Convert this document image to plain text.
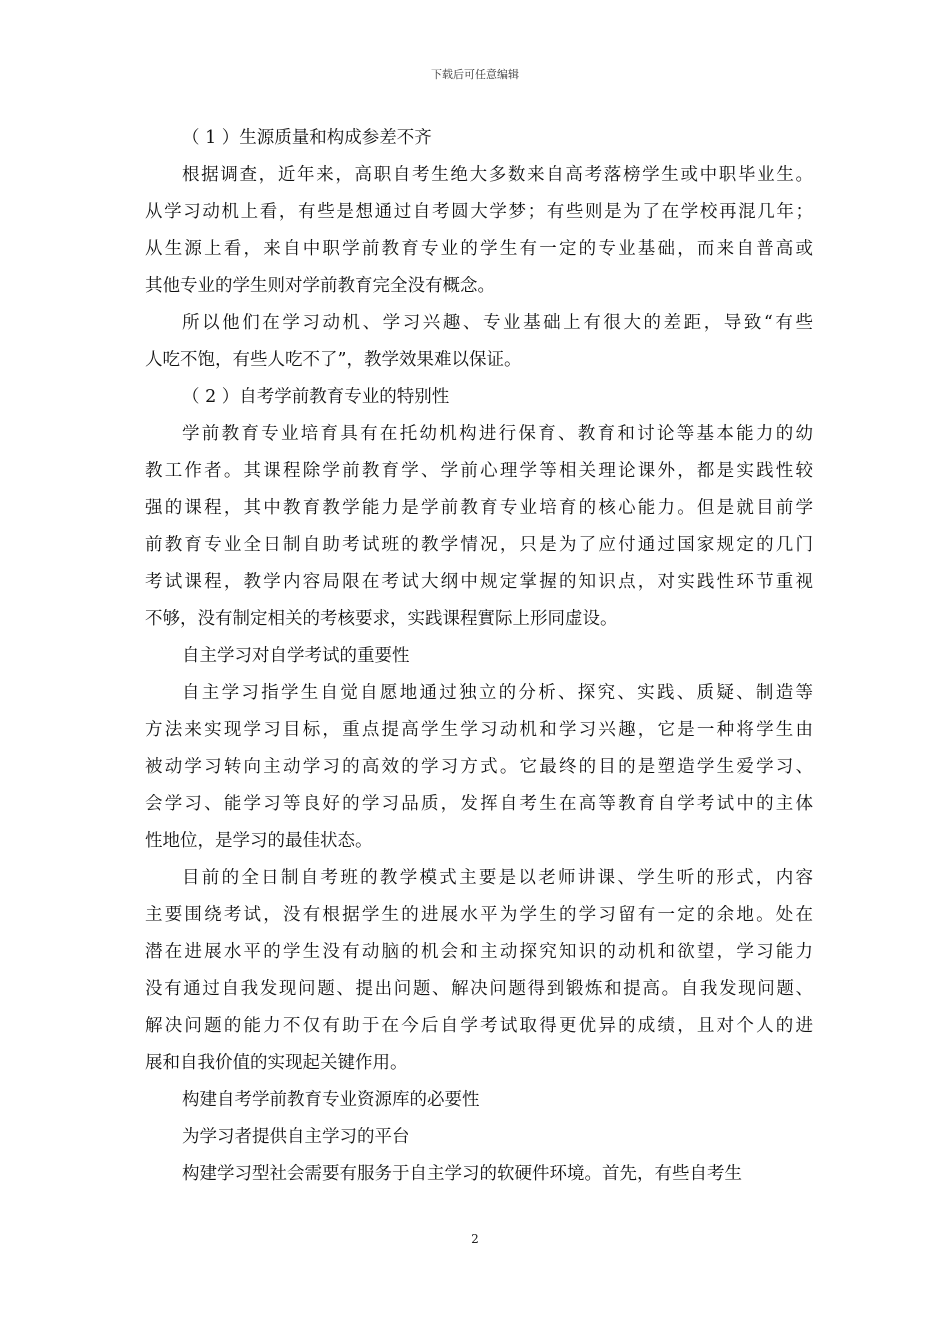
下载后可任意编辑
（ 1 ）生源质量和构成参差不齐
根据调查，近年来，高职自考生绝大多数来自高考落榜学生或中职毕业生。
从学习动机上看，有些是想通过自考圆大学梦；有些则是为了在学校再混几年；
从生源上看，来自中职学前教育专业的学生有一定的专业基础，而来自普高或
其他专业的学生则对学前教育完全没有概念。
所以他们在学习动机、学习兴趣、专业基础上有很大的差距，导致“有些
人吃不饱，有些人吃不了”，教学效果难以保证。
（ 2 ）自考学前教育专业的特别性
学前教育专业培育具有在托幼机构进行保育、教育和讨论等基本能力的幼
教工作者。其课程除学前教育学、学前心理学等相关理论课外，都是实践性较
强的课程，其中教育教学能力是学前教育专业培育的核心能力。但是就目前学
前教育专业全日制自助考试班的教学情况，只是为了应付通过国家规定的几门
考试课程，教学内容局限在考试大纲中规定掌握的知识点，对实践性环节重视
不够，没有制定相关的考核要求，实践课程實际上形同虚设。
自主学习对自学考试的重要性
自主学习指学生自觉自愿地通过独立的分析、探究、实践、质疑、制造等
方法来实现学习目标，重点提高学生学习动机和学习兴趣，它是一种将学生由
被动学习转向主动学习的高效的学习方式。它最终的目的是塑造学生爱学习、
会学习、能学习等良好的学习品质，发挥自考生在高等教育自学考试中的主体
性地位，是学习的最佳状态。
目前的全日制自考班的教学模式主要是以老师讲课、学生听的形式，内容
主要围绕考试，没有根据学生的进展水平为学生的学习留有一定的余地。处在
潜在进展水平的学生没有动脑的机会和主动探究知识的动机和欲望，学习能力
没有通过自我发现问题、提出问题、解决问题得到锻炼和提高。自我发现问题、
解决问题的能力不仅有助于在今后自学考试取得更优异的成绩，且对个人的进
展和自我价值的实现起关键作用。
构建自考学前教育专业资源库的必要性
为学习者提供自主学习的平台
构建学习型社会需要有服务于自主学习的软硬件环境。首先，有些自考生
2
